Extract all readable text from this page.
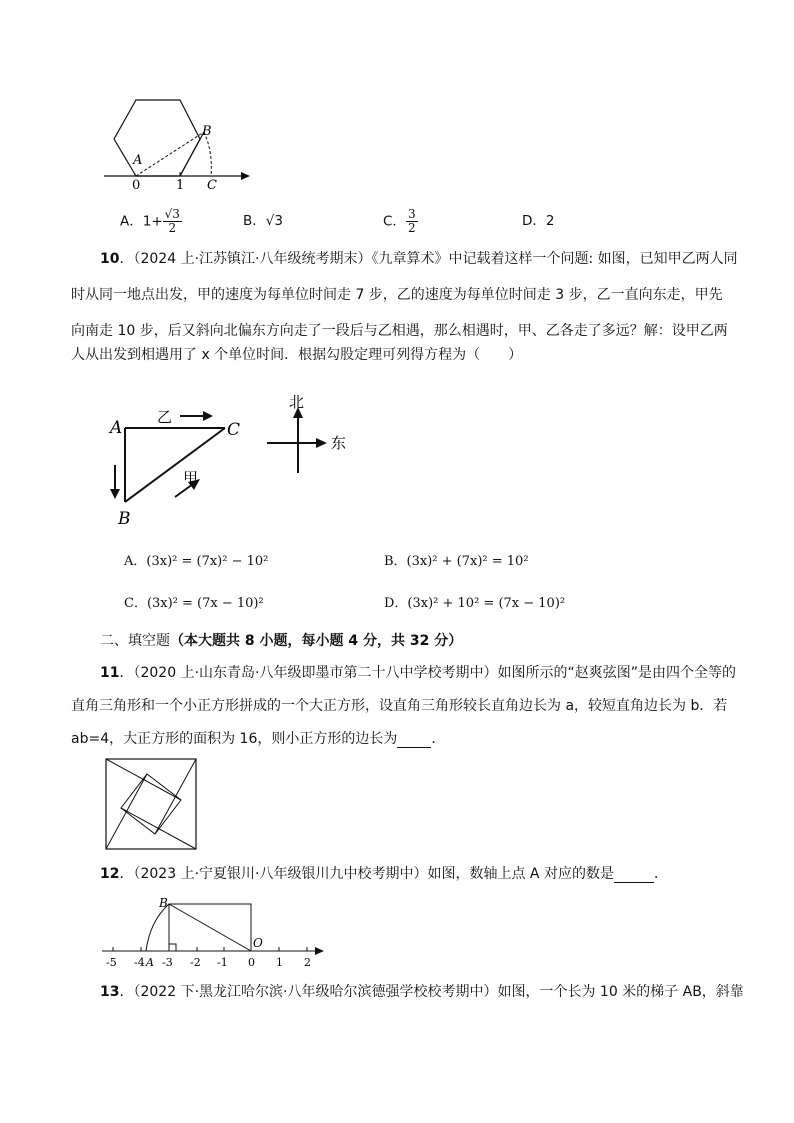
B
A
0	1 C
A．$1+ \frac{√3}{2}$	B．√3	C． $\frac{3}{2}$	D．2
10．（2024 上·江苏镇江·八年级统考期末）《九章算术》中记载着这样一个问题: 如图，已知甲乙两人同
时从同一地点出发，甲的速度为每单位时间走 7 步，乙的速度为每单位时间走 3 步，乙一直向东走，甲先
向南走 10 步，后又斜向北偏东方向走了一段后与乙相遇，那么相遇时，甲、乙各走了多远？解：设甲乙两
人从出发到相遇用了 x 个单位时间．根据勾股定理可列得方程为（　　）
A	C
B
乙
甲
北
东
A．(3x)² = (7x)² − 10²	B．(3x)² + (7x)² = 10²
C．(3x)² = (7x − 10)²	D．(3x)² + 10² = (7x − 10)²
二、填空题（本大题共 8 小题，每小题 4 分，共 32 分）
11．（2020 上·山东青岛·八年级即墨市第二十八中学校考期中）如图所示的“赵爽弦图”是由四个全等的
直角三角形和一个小正方形拼成的一个大正方形，设直角三角形较长直角边长为 a，较短直角边长为 b．若
ab=4，大正方形的面积为 16，则小正方形的边长为 ．
12．（2023 上·宁夏银川·八年级银川九中校考期中）如图，数轴上点 A 对应的数是	．
B
O
-5 -4 A -3 -2 -1 0 1 2
13．（2022 下·黑龙江哈尔滨·八年级哈尔滨德强学校校考期中）如图，一个长为 10 米的梯子 AB，斜靠
